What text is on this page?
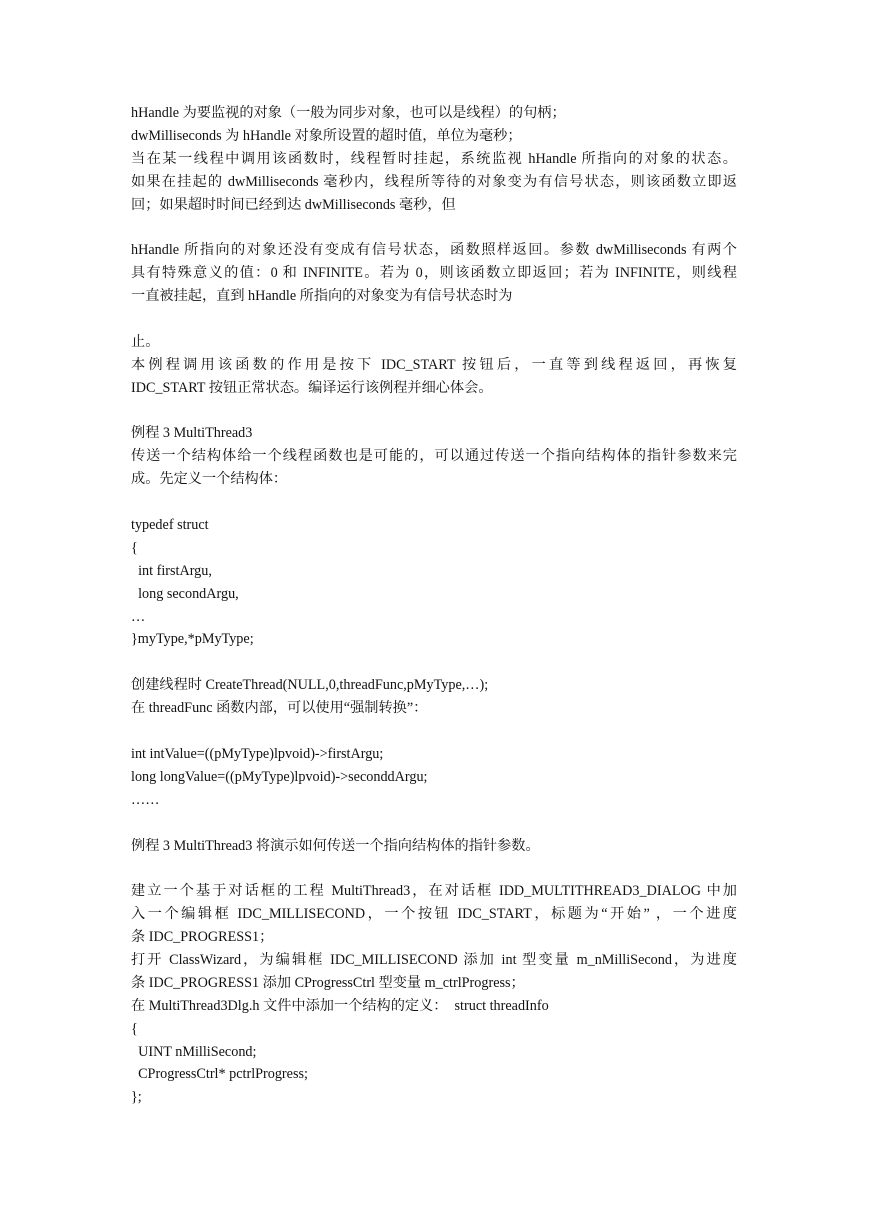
hHandle 为要监视的对象（一般为同步对象，也可以是线程）的句柄；
dwMilliseconds 为 hHandle 对象所设置的超时值，单位为毫秒；
当在某一线程中调用该函数时，线程暂时挂起，系统监视 hHandle 所指向的对象的状态。
如果在挂起的 dwMilliseconds 毫秒内，线程所等待的对象变为有信号状态，则该函数立即返
回；如果超时时间已经到达 dwMilliseconds 毫秒，但
hHandle 所指向的对象还没有变成有信号状态，函数照样返回。参数 dwMilliseconds 有两个
具有特殊意义的值：0 和 INFINITE。若为 0，则该函数立即返回；若为 INFINITE，则线程
一直被挂起，直到 hHandle 所指向的对象变为有信号状态时为
止。
本例程调用该函数的作用是按下 IDC_START 按钮后，一直等到线程返回，再恢复
IDC_START 按钮正常状态。编译运行该例程并细心体会。
例程 3 MultiThread3
传送一个结构体给一个线程函数也是可能的，可以通过传送一个指向结构体的指针参数来完
成。先定义一个结构体：
typedef struct
{
int firstArgu,
long secondArgu,
…
}myType,*pMyType;
创建线程时 CreateThread(NULL,0,threadFunc,pMyType,…);
在 threadFunc 函数内部，可以使用“强制转换”：
int intValue=((pMyType)lpvoid)->firstArgu;
long longValue=((pMyType)lpvoid)->seconddArgu;
……
例程 3 MultiThread3 将演示如何传送一个指向结构体的指针参数。
建立一个基于对话框的工程 MultiThread3，在对话框 IDD_MULTITHREAD3_DIALOG 中加
入一个编辑框 IDC_MILLISECOND，一个按钮 IDC_START，标题为“开始” ，一个进度
条 IDC_PROGRESS1；
打开 ClassWizard，为编辑框 IDC_MILLISECOND 添加 int 型变量 m_nMilliSecond，为进度
条 IDC_PROGRESS1 添加 CProgressCtrl 型变量 m_ctrlProgress；
在 MultiThread3Dlg.h 文件中添加一个结构的定义：  struct threadInfo
{
UINT nMilliSecond;
CProgressCtrl* pctrlProgress;
};
